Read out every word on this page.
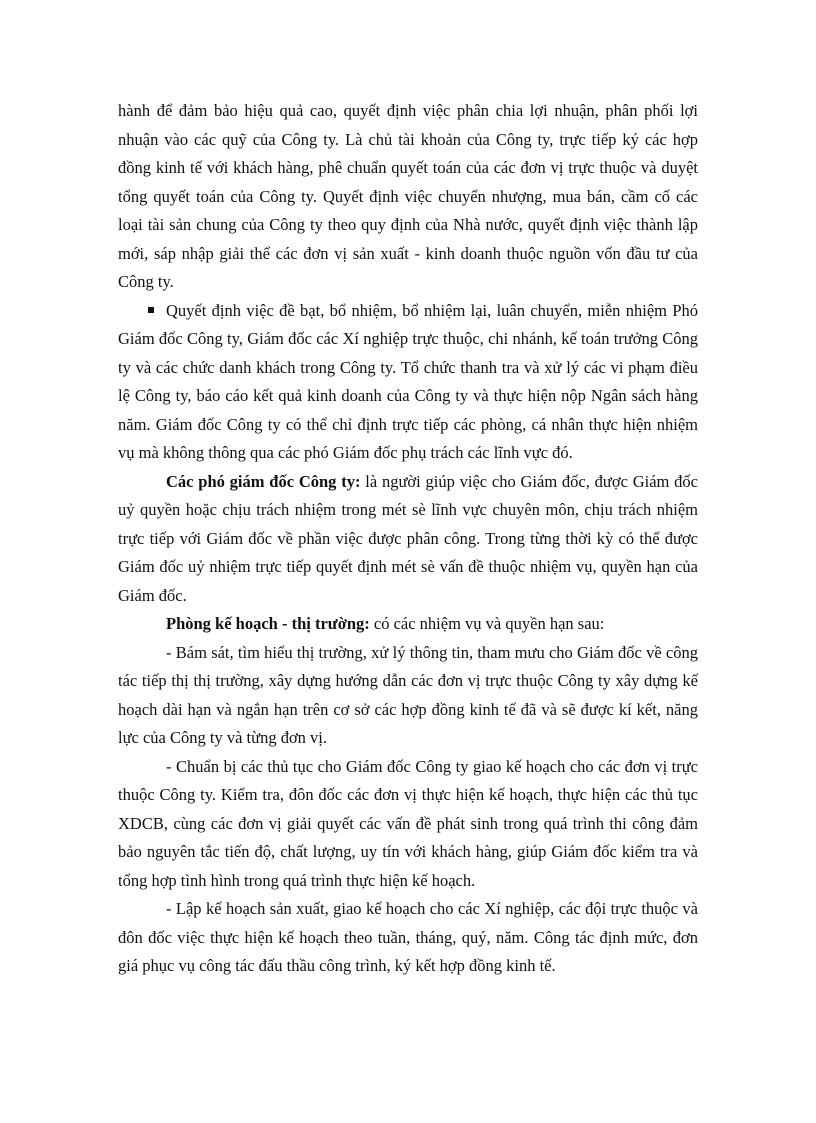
hành để đảm bảo hiệu quả cao, quyết định việc phân chia lợi nhuận, phân phối lợi nhuận vào các quỹ của Công ty. Là chủ tài khoản của Công ty, trực tiếp ký các hợp đồng kinh tế với khách hàng, phê chuẩn quyết toán của các đơn vị trực thuộc và duyệt tổng quyết toán của Công ty. Quyết định việc chuyển nhượng, mua bán, cầm cố các loại tài sản chung của Công ty theo quy định của Nhà nước, quyết định việc thành lập mới, sáp nhập giải thể các đơn vị sản xuất - kinh doanh thuộc nguồn vốn đầu tư của Công ty.

Quyết định việc đề bạt, bổ nhiệm, bổ nhiệm lại, luân chuyển, miễn nhiệm Phó Giám đốc Công ty, Giám đốc các Xí nghiệp trực thuộc, chi nhánh, kế toán trưởng Công ty và các chức danh khách trong Công ty. Tổ chức thanh tra và xử lý các vi phạm điều lệ Công ty, báo cáo kết quả kinh doanh của Công ty và thực hiện nộp Ngân sách hàng năm. Giám đốc Công ty có thể chỉ định trực tiếp các phòng, cá nhân thực hiện nhiệm vụ mà không thông qua các phó Giám đốc phụ trách các lĩnh vực đó.

Các phó giám đốc Công ty: là người giúp việc cho Giám đốc, được Giám đốc uỷ quyền hoặc chịu trách nhiệm trong mét sè lĩnh vực chuyên môn, chịu trách nhiệm trực tiếp với Giám đốc về phần việc được phân công. Trong từng thời kỳ có thể được Giám đốc uỷ nhiệm trực tiếp quyết định mét sè vấn đề thuộc nhiệm vụ, quyền hạn của Giám đốc.

Phòng kế hoạch - thị trường: có các nhiệm vụ và quyền hạn sau:

- Bám sát, tìm hiểu thị trường, xử lý thông tin, tham mưu cho Giám đốc về công tác tiếp thị thị trường, xây dựng hướng dẫn các đơn vị trực thuộc Công ty xây dựng kế hoạch dài hạn và ngắn hạn trên cơ sở các hợp đồng kinh tế đã và sẽ được kí kết, năng lực của Công ty và từng đơn vị.

- Chuẩn bị các thủ tục cho Giám đốc Công ty giao kế hoạch cho các đơn vị trực thuộc Công ty. Kiểm tra, đôn đốc các đơn vị thực hiện kế hoạch, thực hiện các thủ tục XDCB, cùng các đơn vị giải quyết các vấn đề phát sinh trong quá trình thi công đảm bảo nguyên tắc tiến độ, chất lượng, uy tín với khách hàng, giúp Giám đốc kiểm tra và tổng hợp tình hình trong quá trình thực hiện kế hoạch.

- Lập kế hoạch sản xuất, giao kế hoạch cho các Xí nghiệp, các đội trực thuộc và đôn đốc việc thực hiện kế hoạch theo tuần, tháng, quý, năm. Công tác định mức, đơn giá phục vụ công tác đấu thầu công trình, ký kết hợp đồng kinh tế.
